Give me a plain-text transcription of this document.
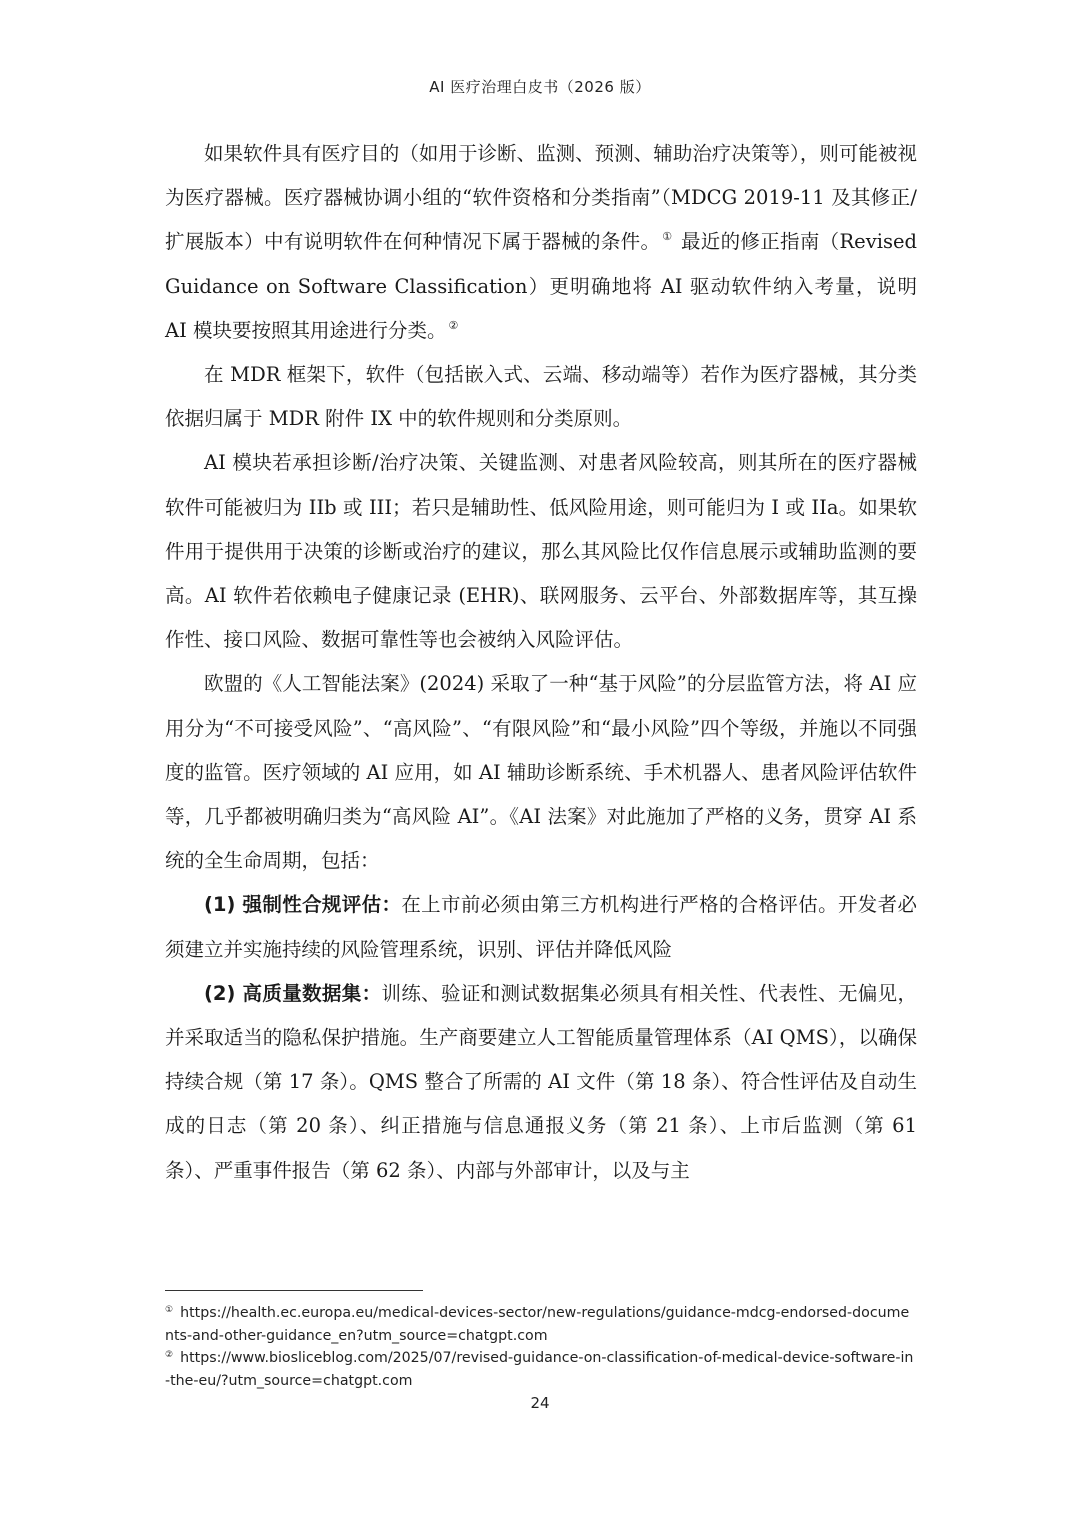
AI 医疗治理白皮书（2026 版）

如果软件具有医疗目的（如用于诊断、监测、预测、辅助治疗决策等），则可能被视为医疗器械。医疗器械协调小组的“软件资格和分类指南”（MDCG 2019-11 及其修正/扩展版本）中有说明软件在何种情况下属于器械的条件。 ① 最近的修正指南（Revised Guidance on Software Classification）更明确地将 AI 驱动软件纳入考量，说明 AI 模块要按照其用途进行分类。 ②

在 MDR 框架下，软件（包括嵌入式、云端、移动端等）若作为医疗器械，其分类依据归属于 MDR 附件 IX 中的软件规则和分类原则。

AI 模块若承担诊断/治疗决策、关键监测、对患者风险较高，则其所在的医疗器械软件可能被归为 IIb 或 III；若只是辅助性、低风险用途，则可能归为 I 或 IIa。如果软件用于提供用于决策的诊断或治疗的建议，那么其风险比仅作信息展示或辅助监测的要高。AI 软件若依赖电子健康记录 (EHR)、联网服务、云平台、外部数据库等，其互操作性、接口风险、数据可靠性等也会被纳入风险评估。

欧盟的《人工智能法案》(2024) 采取了一种“基于风险”的分层监管方法，将 AI 应用分为“不可接受风险”、“高风险”、“有限风险”和“最小风险”四个等级，并施以不同强度的监管。医疗领域的 AI 应用，如 AI 辅助诊断系统、手术机器人、患者风险评估软件等，几乎都被明确归类为“高风险 AI”。《AI 法案》对此施加了严格的义务，贯穿 AI 系统的全生命周期，包括：

(1) 强制性合规评估：在上市前必须由第三方机构进行严格的合格评估。开发者必须建立并实施持续的风险管理系统，识别、评估并降低风险

(2) 高质量数据集：训练、验证和测试数据集必须具有相关性、代表性、无偏见，并采取适当的隐私保护措施。生产商要建立人工智能质量管理体系（AI QMS），以确保持续合规（第 17 条）。QMS 整合了所需的 AI 文件（第 18 条）、符合性评估及自动生成的日志（第 20 条）、纠正措施与信息通报义务（第 21 条）、上市后监测（第 61 条）、严重事件报告（第 62 条）、内部与外部审计，以及与主

① https://health.ec.europa.eu/medical-devices-sector/new-regulations/guidance-mdcg-endorsed-documents-and-other-guidance_en?utm_source=chatgpt.com

② https://www.biosliceblog.com/2025/07/revised-guidance-on-classification-of-medical-device-software-in-the-eu/?utm_source=chatgpt.com

24
